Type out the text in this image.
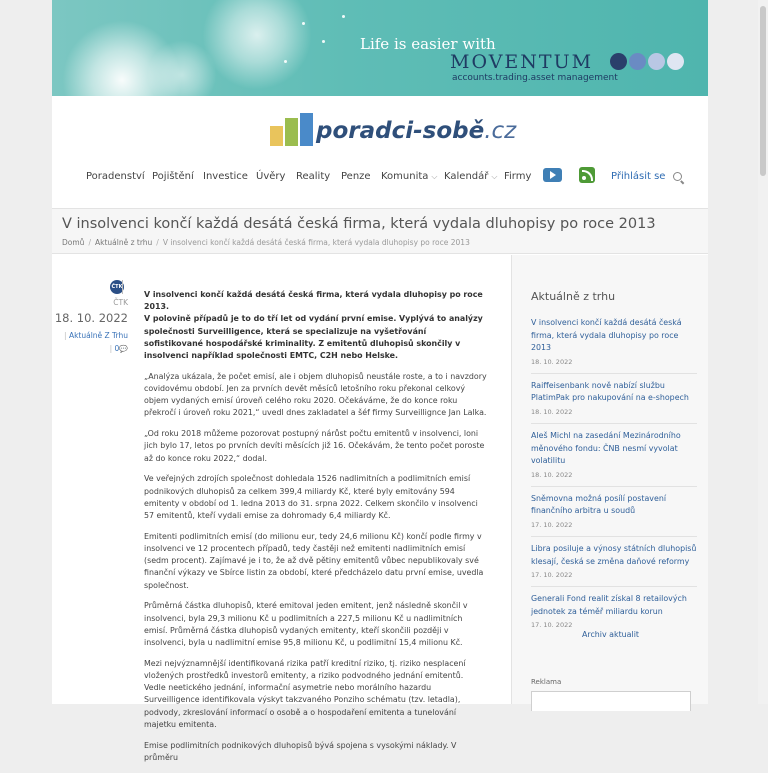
Life is easier with
MOVENTUM
accounts.trading.asset management
poradci-sobě.cz
Poradenství Pojištění Investice Úvěry Reality Penze Komunita ⌵ Kalendář ⌵ Firmy	Přihlásit se
V insolvenci končí každá desátá česká firma, která vydala dluhopisy po roce 2013
Domů / Aktuálně z trhu / V insolvenci končí každá desátá česká firma, která vydala dluhopisy po roce 2013
ČTK
ČTK
18. 10. 2022
| Aktuálně Z Trhu
| 0💬

V insolvenci končí každá desátá česká firma, která vydala dluhopisy po roce 2013.
V polovině případů je to do tří let od vydání první emise. Vyplývá to analýzy společnosti Surveilligence, která se specializuje na vyšetřování sofistikované hospodářské kriminality. Z emitentů dluhopisů skončily v insolvenci například společnosti EMTC, C2H nebo Helske.

„Analýza ukázala, že počet emisí, ale i objem dluhopisů neustále roste, a to i navzdory covidovému období. Jen za prvních devět měsíců letošního roku překonal celkový objem vydaných emisí úroveň celého roku 2020. Očekáváme, že do konce roku překročí i úroveň roku 2021,“ uvedl dnes zakladatel a šéf firmy Surveillignce Jan Lalka.

„Od roku 2018 můžeme pozorovat postupný nárůst počtu emitentů v insolvenci, loni jich bylo 17, letos po prvních devíti měsících již 16. Očekávám, že tento počet poroste až do konce roku 2022,“ dodal.

Ve veřejných zdrojích společnost dohledala 1526 nadlimitních a podlimitních emisí podnikových dluhopisů za celkem 399,4 miliardy Kč, které byly emitovány 594 emitenty v období od 1. ledna 2013 do 31. srpna 2022. Celkem skončilo v insolvenci 57 emitentů, kteří vydali emise za dohromady 6,4 miliardy Kč.

Emitenti podlimitních emisí (do milionu eur, tedy 24,6 milionu Kč) končí podle firmy v insolvenci ve 12 procentech případů, tedy častěji než emitenti nadlimitních emisí (sedm procent). Zajímavé je i to, že až dvě pětiny emitentů vůbec nepublikovaly své finanční výkazy ve Sbírce listin za období, které předcházelo datu první emise, uvedla společnost.

Průměrná částka dluhopisů, které emitoval jeden emitent, jenž následně skončil v insolvenci, byla 29,3 milionu Kč u podlimitních a 227,5 milionu Kč u nadlimitních emisí. Průměrná částka dluhopisů vydaných emitenty, kteří skončili později v insolvenci, byla u nadlimitní emise 95,8 milionu Kč, u podlimitní 15,4 milionu Kč.

Mezi nejvýznamnější identifikovaná rizika patří kreditní riziko, tj. riziko nesplacení vložených prostředků investorů emitenty, a riziko podvodného jednání emitentů. Vedle neetického jednání, informační asymetrie nebo morálního hazardu Surveilligence identifikovala výskyt takzvaného Ponziho schématu (tzv. letadla), podvody, zkreslování informací o osobě a o hospodaření emitenta a tunelování majetku emitenta.

Emise podlimitních podnikových dluhopisů bývá spojena s vysokými náklady. V průměru

Aktuálně z trhu
V insolvenci končí každá desátá česká firma, která vydala dluhopisy po roce 2013
18. 10. 2022
Raiffeisenbank nově nabízí službu PlatimPak pro nakupování na e-shopech
18. 10. 2022
Aleš Michl na zasedání Mezinárodního měnového fondu: ČNB nesmí vyvolat volatilitu
18. 10. 2022
Sněmovna možná posílí postavení finančního arbitra u soudů
17. 10. 2022
Libra posiluje a výnosy státních dluhopisů klesají, česká se změna daňové reformy
17. 10. 2022
Generali Fond realit získal 8 retailových jednotek za téměř miliardu korun
17. 10. 2022
Archiv aktualit
Reklama
